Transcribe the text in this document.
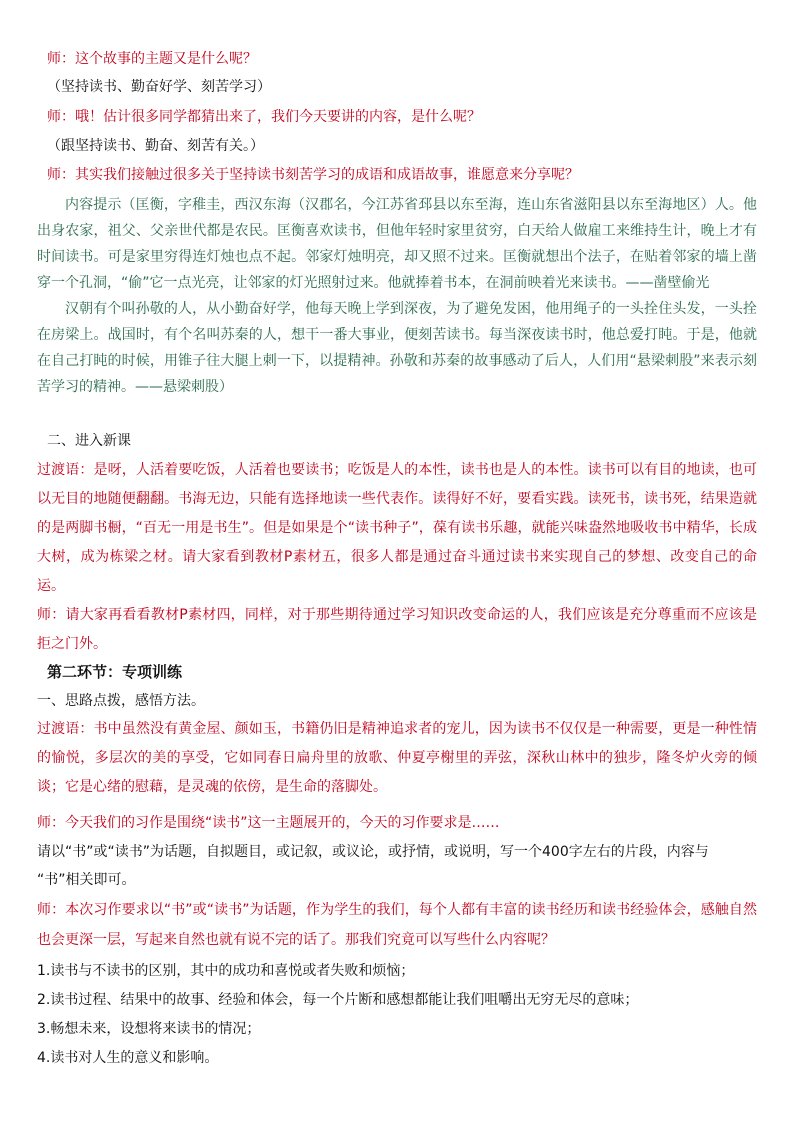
师：这个故事的主题又是什么呢？
（坚持读书、勤奋好学、刻苦学习）
师：哦！估计很多同学都猜出来了，我们今天要讲的内容，是什么呢？
（跟坚持读书、勤奋、刻苦有关。）
师：其实我们接触过很多关于坚持读书刻苦学习的成语和成语故事，谁愿意来分享呢？
内容提示（匡衡，字稚圭，西汉东海（汉郡名，今江苏省邳县以东至海，连山东省滋阳县以东至海地区）人。他出身农家，祖父、父亲世代都是农民。匡衡喜欢读书，但他年轻时家里贫穷，白天给人做雇工来维持生计，晚上才有时间读书。可是家里穷得连灯烛也点不起。邻家灯烛明亮，却又照不过来。匡衡就想出个法子，在贴着邻家的墙上凿穿一个孔洞，“偷”它一点光亮，让邻家的灯光照射过来。他就捧着书本，在洞前映着光来读书。——凿壁偷光
汉朝有个叫孙敬的人，从小勤奋好学，他每天晚上学到深夜，为了避免发困，他用绳子的一头拴住头发，一头拴在房梁上。战国时，有个名叫苏秦的人，想干一番大事业，便刻苦读书。每当深夜读书时，他总爱打盹。于是，他就在自己打盹的时候，用锥子往大腿上刺一下，以提精神。孙敬和苏秦的故事感动了后人，人们用“悬梁刺股”来表示刻苦学习的精神。——悬梁刺股）
二、进入新课
过渡语：是呀，人活着要吃饭，人活着也要读书；吃饭是人的本性，读书也是人的本性。读书可以有目的地读，也可以无目的地随便翻翻。书海无边，只能有选择地读一些代表作。读得好不好，要看实践。读死书，读书死，结果造就的是两脚书橱，“百无一用是书生”。但是如果是个“读书种子”，葆有读书乐趣，就能兴味盎然地吸收书中精华，长成大树，成为栋梁之材。请大家看到教材P素材五，很多人都是通过奋斗通过读书来实现自己的梦想、改变自己的命运。
师：请大家再看看教材P素材四，同样，对于那些期待通过学习知识改变命运的人，我们应该是充分尊重而不应该是拒之门外。
第二环节：专项训练
一、思路点拨，感悟方法。
过渡语：书中虽然没有黄金屋、颜如玉，书籍仍旧是精神追求者的宠儿，因为读书不仅仅是一种需要，更是一种性情的愉悦，多层次的美的享受，它如同春日扁舟里的放歌、仲夏亭榭里的弄弦，深秋山林中的独步，隆冬炉火旁的倾谈；它是心绪的慰藉，是灵魂的依傍，是生命的落脚处。
师：今天我们的习作是围绕“读书”这一主题展开的，今天的习作要求是……
请以“书”或“读书”为话题，自拟题目，或记叙，或议论，或抒情，或说明，写一个400字左右的片段，内容与
“书”相关即可。
师：本次习作要求以“书”或“读书”为话题，作为学生的我们，每个人都有丰富的读书经历和读书经验体会，感触自然也会更深一层，写起来自然也就有说不完的话了。那我们究竟可以写些什么内容呢？
1.读书与不读书的区别，其中的成功和喜悦或者失败和烦恼；
2.读书过程、结果中的故事、经验和体会，每一个片断和感想都能让我们咀嚼出无穷无尽的意味；
3.畅想未来，设想将来读书的情况；
4.读书对人生的意义和影响。
